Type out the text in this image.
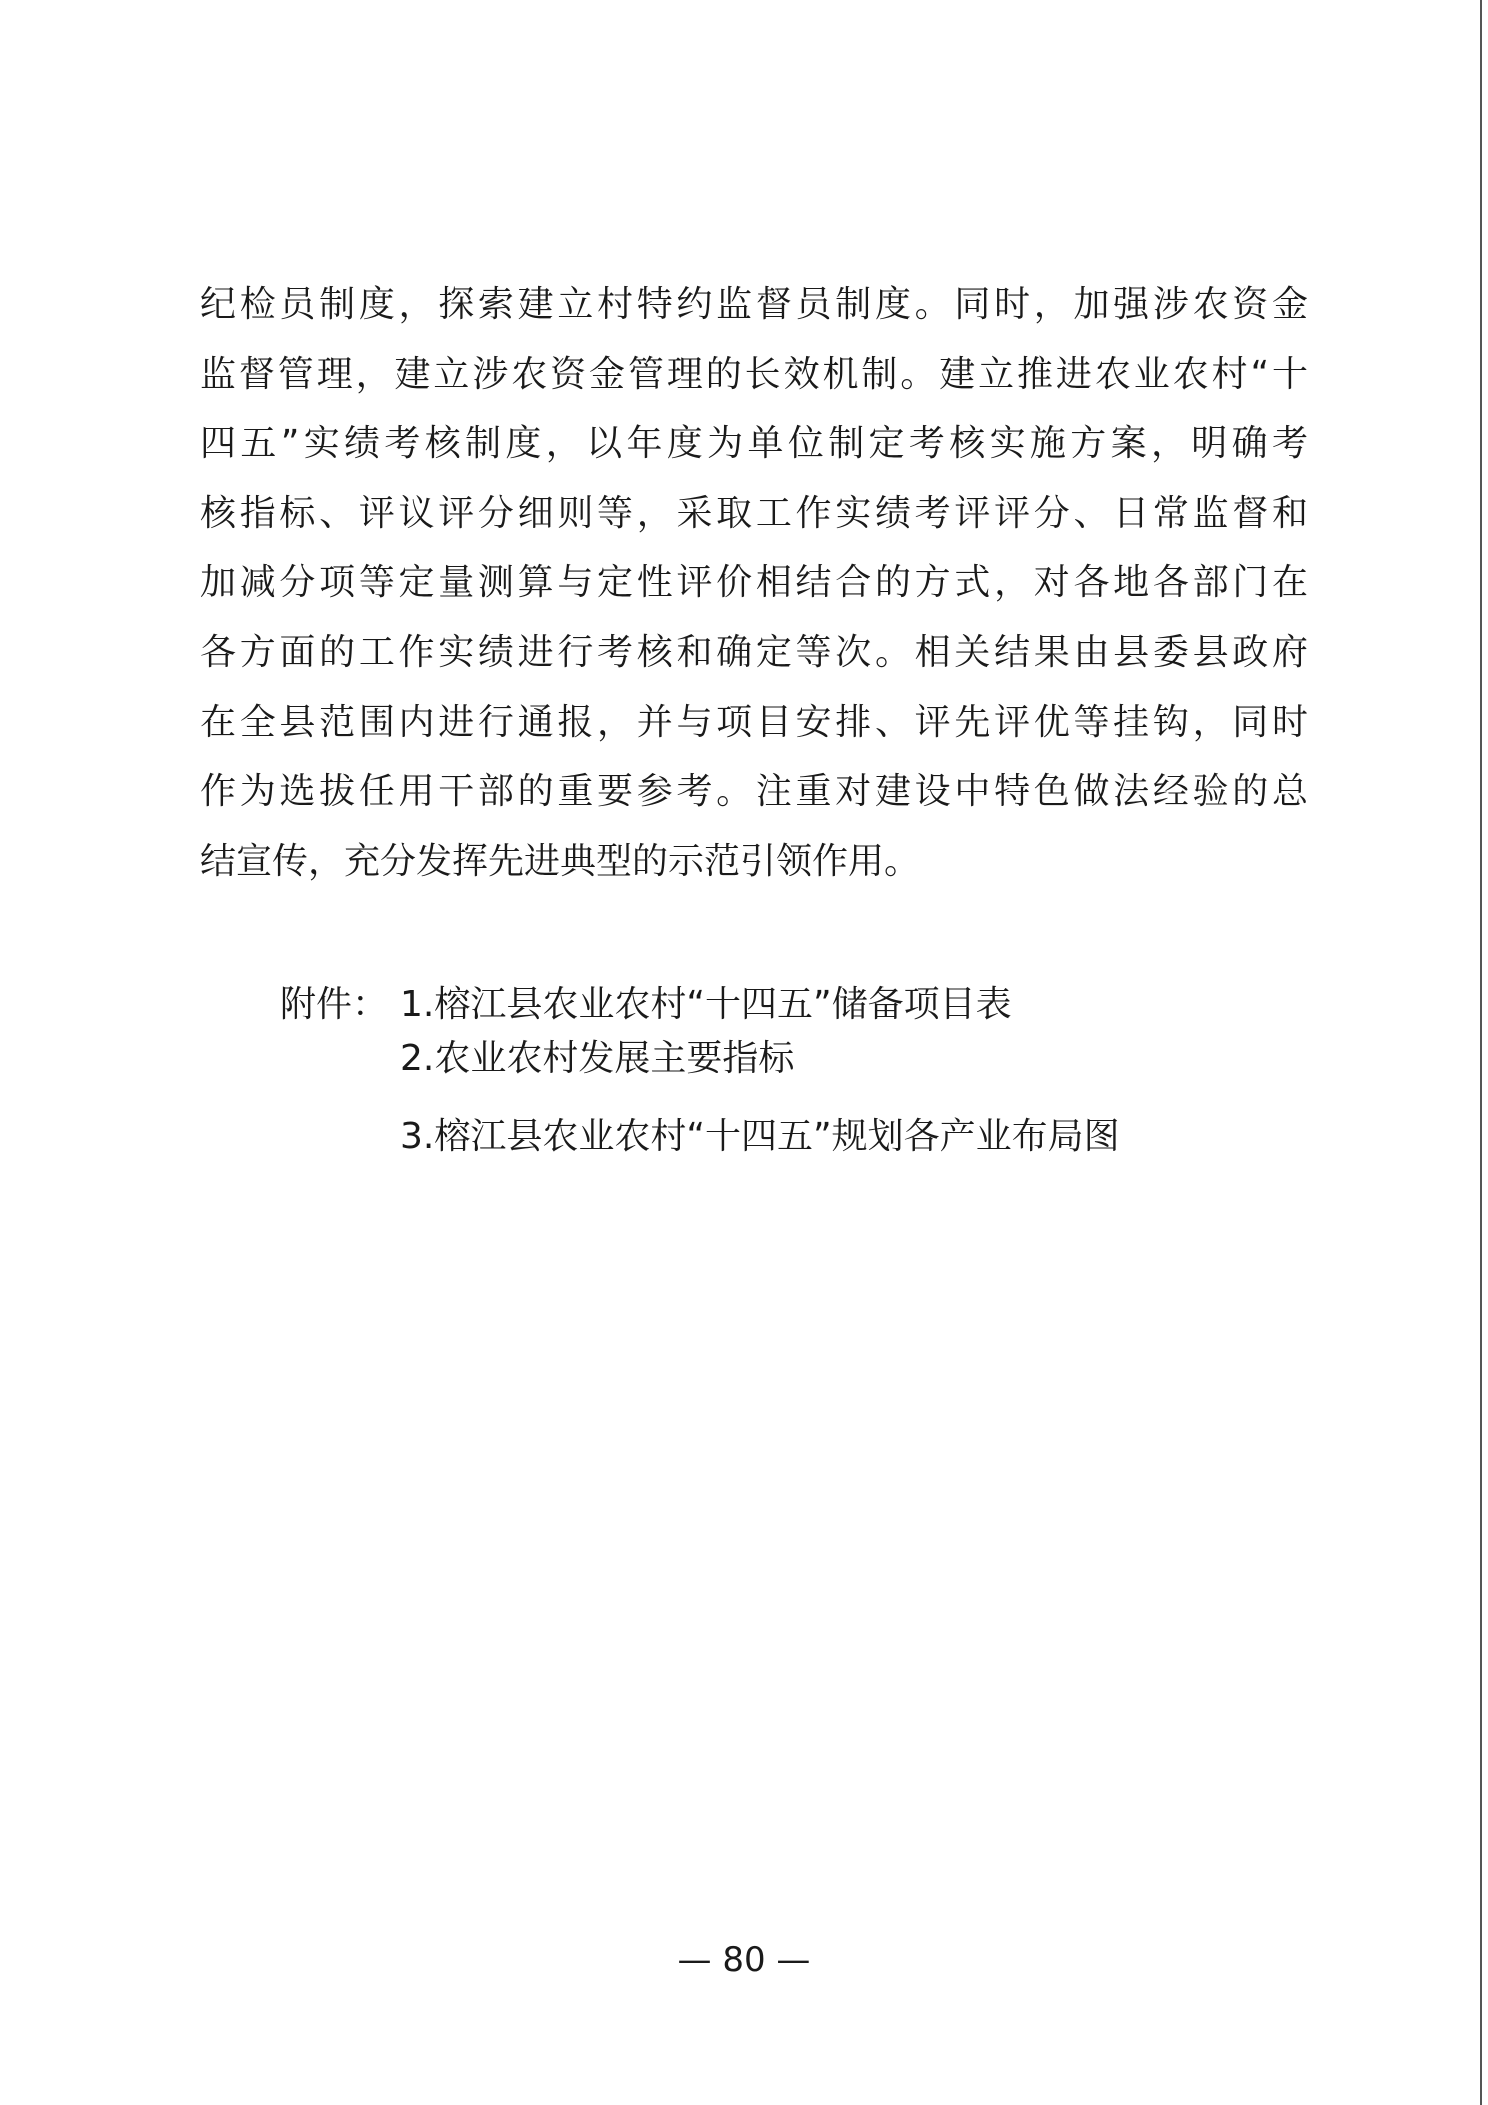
纪检员制度，探索建立村特约监督员制度。同时，加强涉农资金
监督管理，建立涉农资金管理的长效机制。建立推进农业农村“十
四五”实绩考核制度，以年度为单位制定考核实施方案，明确考
核指标、评议评分细则等，采取工作实绩考评评分、日常监督和
加减分项等定量测算与定性评价相结合的方式，对各地各部门在
各方面的工作实绩进行考核和确定等次。相关结果由县委县政府
在全县范围内进行通报，并与项目安排、评先评优等挂钩，同时
作为选拔任用干部的重要参考。注重对建设中特色做法经验的总
结宣传，充分发挥先进典型的示范引领作用。
附件： 1.榕江县农业农村“十四五”储备项目表
2.农业农村发展主要指标
3.榕江县农业农村“十四五”规划各产业布局图
— 80 —
